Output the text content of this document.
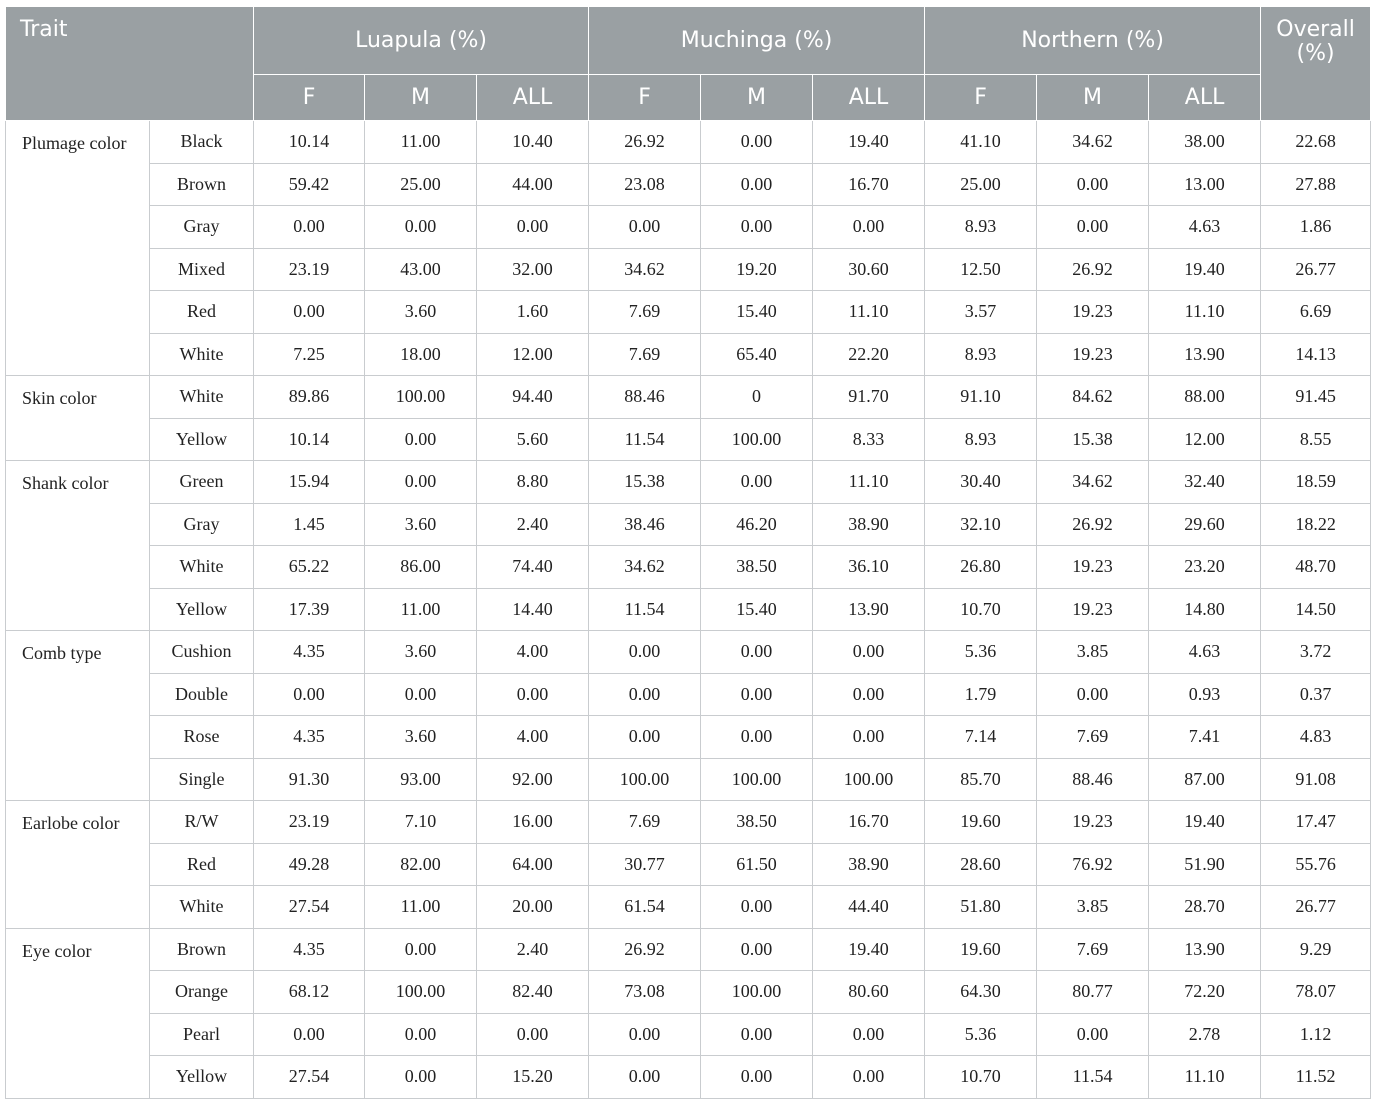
Trait		Luapula (%)			Muchinga (%)			Northern (%)			Overall
(%)

		F	M	ALL	F	M	ALL	F	M	ALL	
Plumage color	Black	10.14	11.00	10.40	26.92	0.00	19.40	41.10	34.62	38.00	22.68
	Brown	59.42	25.00	44.00	23.08	0.00	16.70	25.00	0.00	13.00	27.88
	Gray	0.00	0.00	0.00	0.00	0.00	0.00	8.93	0.00	4.63	1.86
	Mixed	23.19	43.00	32.00	34.62	19.20	30.60	12.50	26.92	19.40	26.77
	Red	0.00	3.60	1.60	7.69	15.40	11.10	3.57	19.23	11.10	6.69
	White	7.25	18.00	12.00	7.69	65.40	22.20	8.93	19.23	13.90	14.13
Skin color	White	89.86	100.00	94.40	88.46	0	91.70	91.10	84.62	88.00	91.45
	Yellow	10.14	0.00	5.60	11.54	100.00	8.33	8.93	15.38	12.00	8.55
Shank color	Green	15.94	0.00	8.80	15.38	0.00	11.10	30.40	34.62	32.40	18.59
	Gray	1.45	3.60	2.40	38.46	46.20	38.90	32.10	26.92	29.60	18.22
	White	65.22	86.00	74.40	34.62	38.50	36.10	26.80	19.23	23.20	48.70
	Yellow	17.39	11.00	14.40	11.54	15.40	13.90	10.70	19.23	14.80	14.50
Comb type	Cushion	4.35	3.60	4.00	0.00	0.00	0.00	5.36	3.85	4.63	3.72
	Double	0.00	0.00	0.00	0.00	0.00	0.00	1.79	0.00	0.93	0.37
	Rose	4.35	3.60	4.00	0.00	0.00	0.00	7.14	7.69	7.41	4.83
	Single	91.30	93.00	92.00	100.00	100.00	100.00	85.70	88.46	87.00	91.08
Earlobe color	R/W	23.19	7.10	16.00	7.69	38.50	16.70	19.60	19.23	19.40	17.47
	Red	49.28	82.00	64.00	30.77	61.50	38.90	28.60	76.92	51.90	55.76
	White	27.54	11.00	20.00	61.54	0.00	44.40	51.80	3.85	28.70	26.77
Eye color	Brown	4.35	0.00	2.40	26.92	0.00	19.40	19.60	7.69	13.90	9.29
	Orange	68.12	100.00	82.40	73.08	100.00	80.60	64.30	80.77	72.20	78.07
	Pearl	0.00	0.00	0.00	0.00	0.00	0.00	5.36	0.00	2.78	1.12
	Yellow	27.54	0.00	15.20	0.00	0.00	0.00	10.70	11.54	11.10	11.52
